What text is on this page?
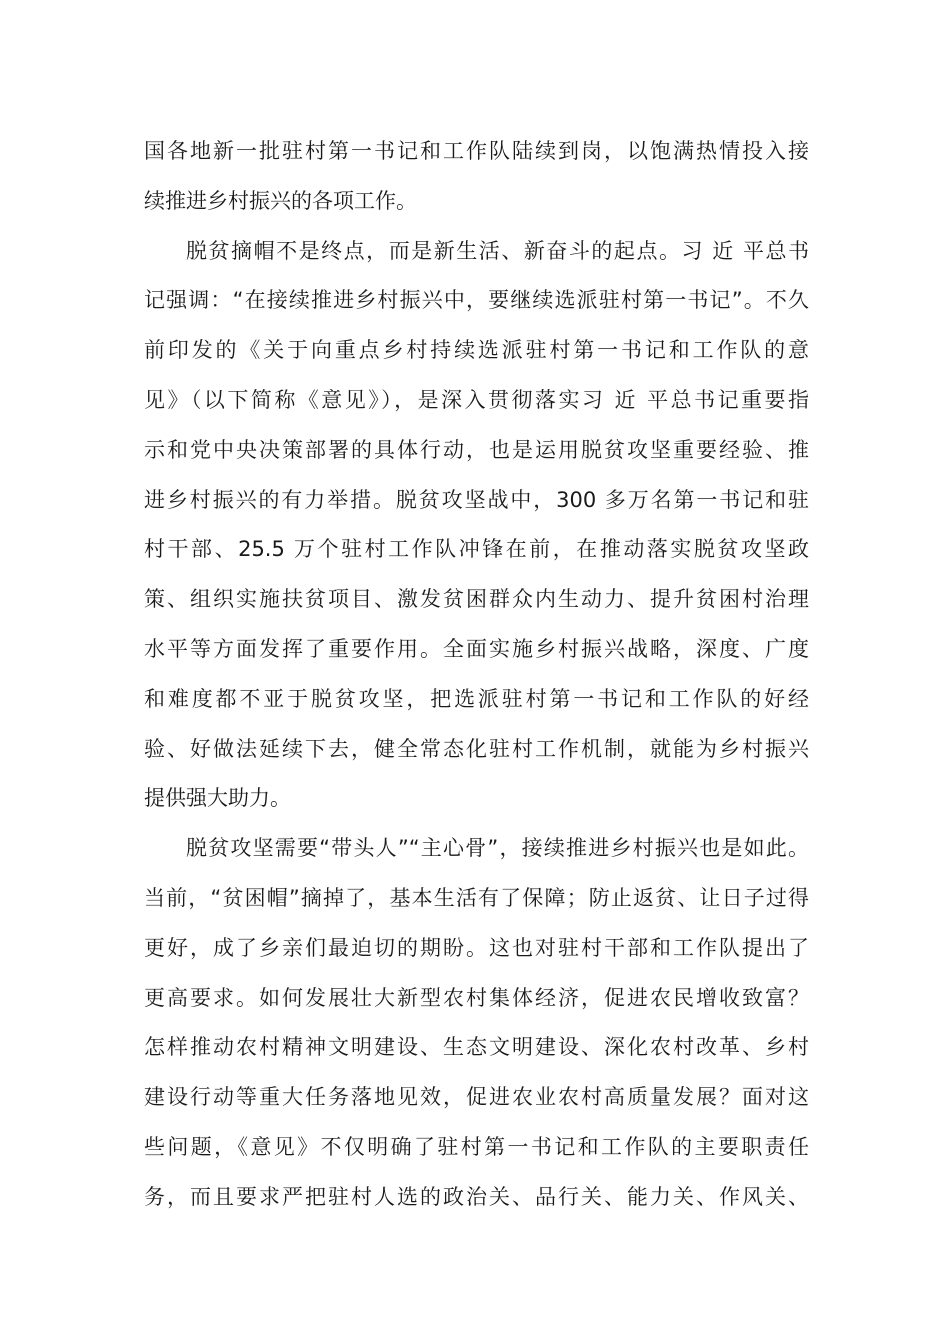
国各地新一批驻村第一书记和工作队陆续到岗，以饱满热情投入接
续推进乡村振兴的各项工作。
脱贫摘帽不是终点，而是新生活、新奋斗的起点。习 近 平总书
记强调：“在接续推进乡村振兴中，要继续选派驻村第一书记”。不久
前印发的《关于向重点乡村持续选派驻村第一书记和工作队的意
见》（以下简称《意见》），是深入贯彻落实习 近 平总书记重要指
示和党中央决策部署的具体行动，也是运用脱贫攻坚重要经验、推
进乡村振兴的有力举措。脱贫攻坚战中，300 多万名第一书记和驻
村干部、25.5 万个驻村工作队冲锋在前，在推动落实脱贫攻坚政
策、组织实施扶贫项目、激发贫困群众内生动力、提升贫困村治理
水平等方面发挥了重要作用。全面实施乡村振兴战略，深度、广度
和难度都不亚于脱贫攻坚，把选派驻村第一书记和工作队的好经
验、好做法延续下去，健全常态化驻村工作机制，就能为乡村振兴
提供强大助力。
脱贫攻坚需要“带头人”“主心骨”，接续推进乡村振兴也是如此。
当前，“贫困帽”摘掉了，基本生活有了保障；防止返贫、让日子过得
更好，成了乡亲们最迫切的期盼。这也对驻村干部和工作队提出了
更高要求。如何发展壮大新型农村集体经济，促进农民增收致富？
怎样推动农村精神文明建设、生态文明建设、深化农村改革、乡村
建设行动等重大任务落地见效，促进农业农村高质量发展？面对这
些问题，《意见》不仅明确了驻村第一书记和工作队的主要职责任
务，而且要求严把驻村人选的政治关、品行关、能力关、作风关、
